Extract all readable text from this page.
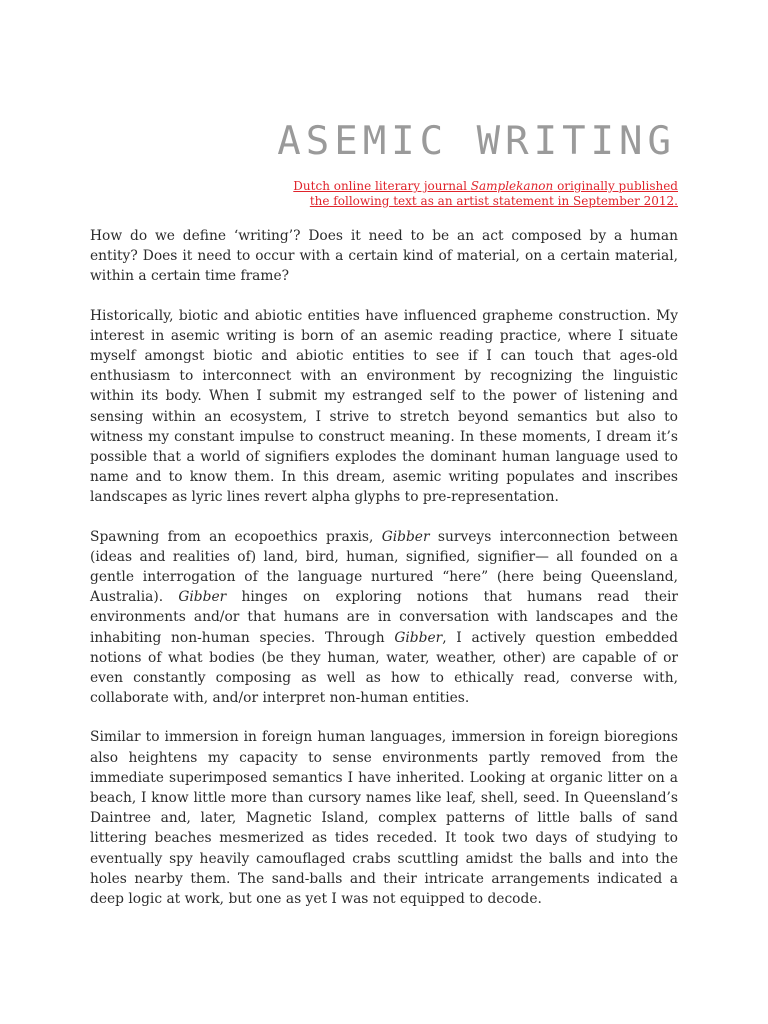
ASEMIC WRITING

Dutch online literary journal Samplekanon originally published the following text as an artist statement in September 2012.

How do we define ‘writing’? Does it need to be an act composed by a human entity? Does it need to occur with a certain kind of material, on a certain material, within a certain time frame?

Historically, biotic and abiotic entities have influenced grapheme construction. My interest in asemic writing is born of an asemic reading practice, where I situate myself amongst biotic and abiotic entities to see if I can touch that ages-old enthusiasm to interconnect with an environment by recognizing the linguistic within its body. When I submit my estranged self to the power of listening and sensing within an ecosystem, I strive to stretch beyond semantics but also to witness my constant impulse to construct meaning. In these moments, I dream it’s possible that a world of signifiers explodes the dominant human language used to name and to know them. In this dream, asemic writing populates and inscribes landscapes as lyric lines revert alpha glyphs to pre-representation.

Spawning from an ecopoethics praxis, Gibber surveys interconnection between (ideas and realities of) land, bird, human, signified, signifier— all founded on a gentle interrogation of the language nurtured “here” (here being Queensland, Australia). Gibber hinges on exploring notions that humans read their environments and/or that humans are in conversation with landscapes and the inhabiting non-human species. Through Gibber, I actively question embedded notions of what bodies (be they human, water, weather, other) are capable of or even constantly composing as well as how to ethically read, converse with, collaborate with, and/or interpret non-human entities.

Similar to immersion in foreign human languages, immersion in foreign bioregions also heightens my capacity to sense environments partly removed from the immediate superimposed semantics I have inherited. Looking at organic litter on a beach, I know little more than cursory names like leaf, shell, seed. In Queensland’s Daintree and, later, Magnetic Island, complex patterns of little balls of sand littering beaches mesmerized as tides receded. It took two days of studying to eventually spy heavily camouflaged crabs scuttling amidst the balls and into the holes nearby them. The sand-balls and their intricate arrangements indicated a deep logic at work, but one as yet I was not equipped to decode.
